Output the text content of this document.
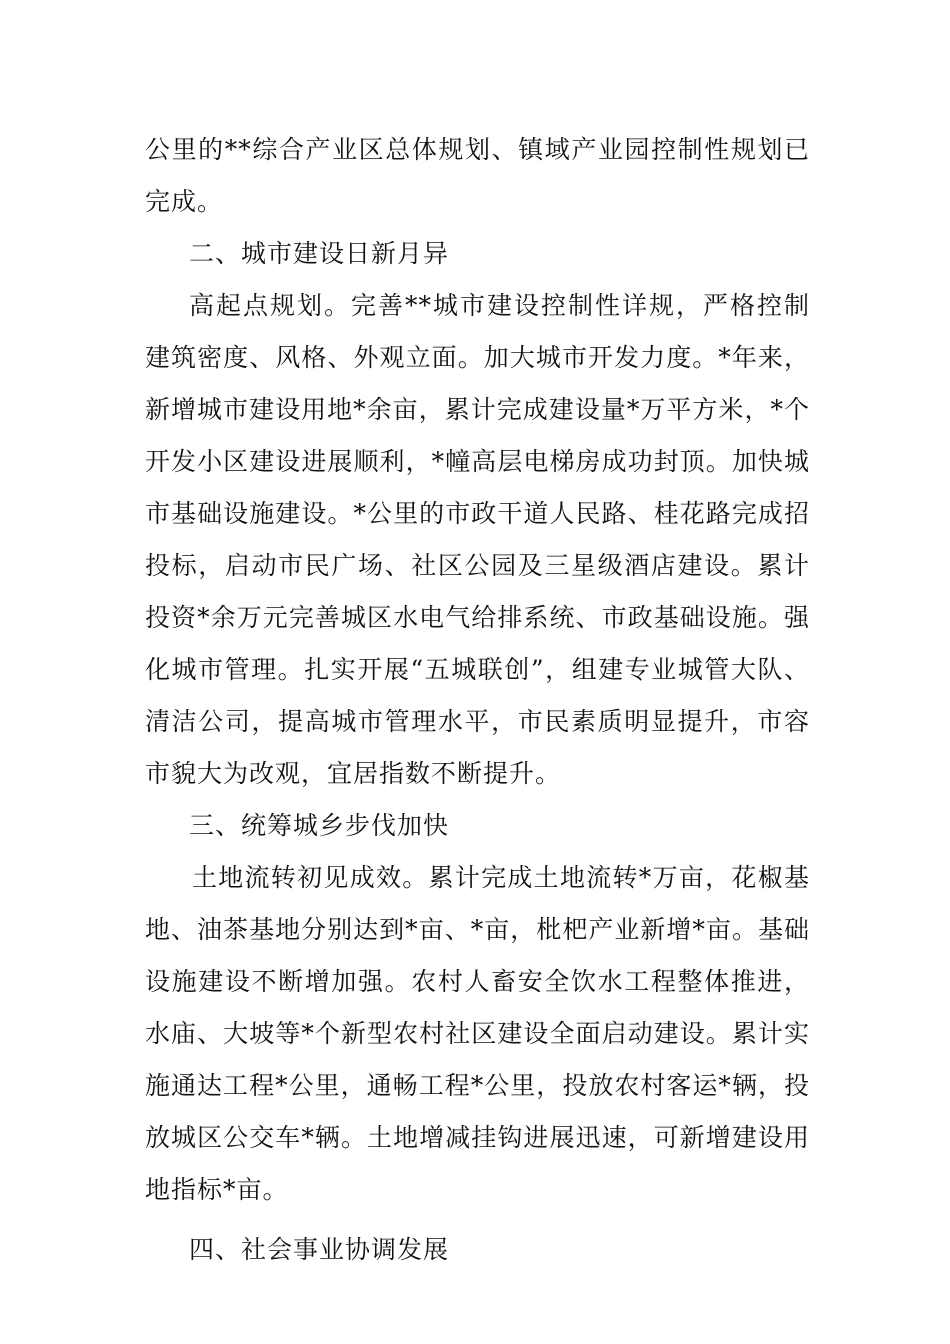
公里的**综合产业区总体规划、镇域产业园控制性规划已完成。

二、城市建设日新月异

高起点规划。完善**城市建设控制性详规，严格控制建筑密度、风格、外观立面。加大城市开发力度。*年来，新增城市建设用地*余亩，累计完成建设量*万平方米，*个开发小区建设进展顺利，*幢高层电梯房成功封顶。加快城市基础设施建设。*公里的市政干道人民路、桂花路完成招投标，启动市民广场、社区公园及三星级酒店建设。累计投资*余万元完善城区水电气给排系统、市政基础设施。强化城市管理。扎实开展“五城联创”，组建专业城管大队、清洁公司，提高城市管理水平，市民素质明显提升，市容市貌大为改观，宜居指数不断提升。

三、统筹城乡步伐加快

土地流转初见成效。累计完成土地流转*万亩，花椒基地、油茶基地分别达到*亩、*亩，枇杷产业新增*亩。基础设施建设不断增加强。农村人畜安全饮水工程整体推进，水庙、大坡等*个新型农村社区建设全面启动建设。累计实施通达工程*公里，通畅工程*公里，投放农村客运*辆，投放城区公交车*辆。土地增减挂钩进展迅速，可新增建设用地指标*亩。

四、社会事业协调发展
